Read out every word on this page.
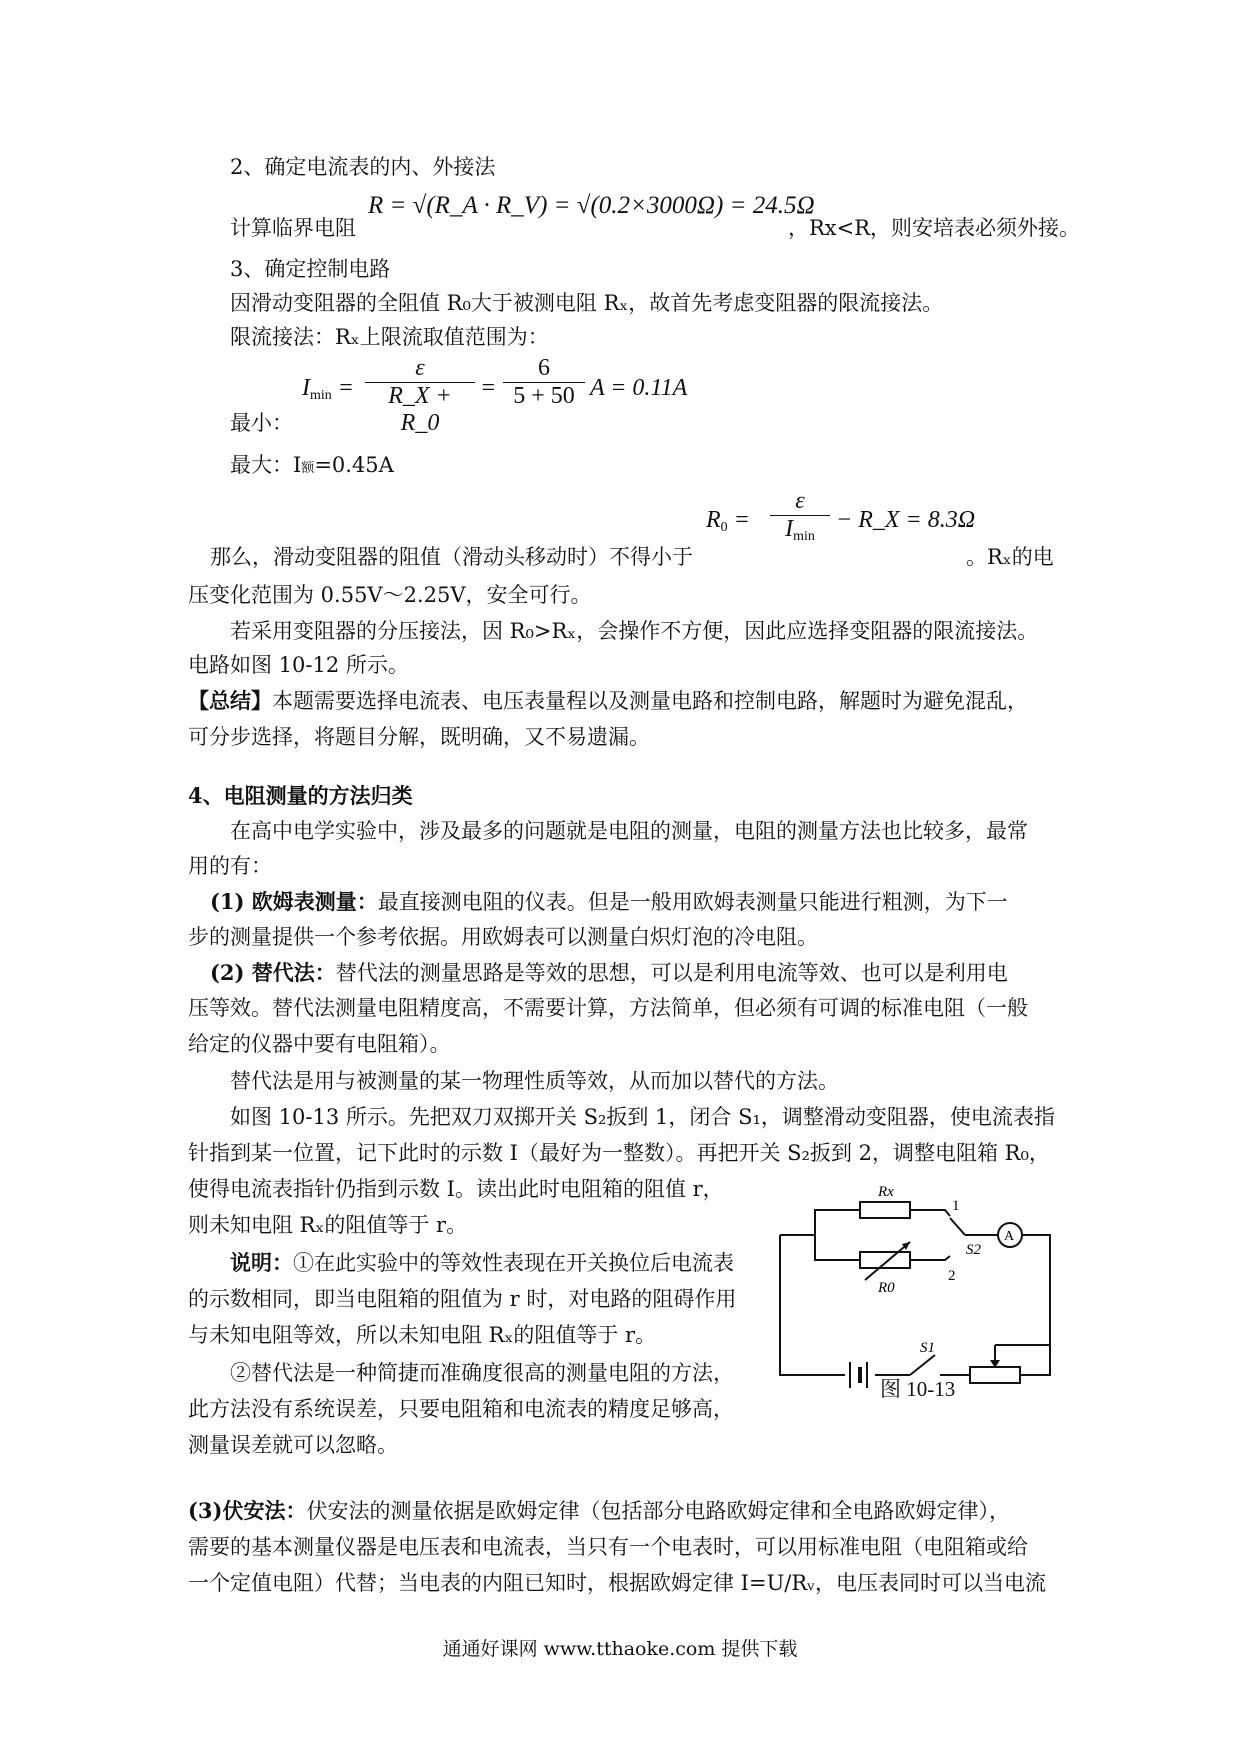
2、确定电流表的内、外接法
计算临界电阻
R = √(R_A · R_V) = √(0.2×3000Ω) = 24.5Ω
，Rx<R，则安培表必须外接。
3、确定控制电路
因滑动变阻器的全阻值 R₀大于被测电阻 Rₓ，故首先考虑变阻器的限流接法。
限流接法：Rₓ上限流取值范围为：
$I_{min} = \frac{\varepsilon}{R\_X + R\_0} = \frac{6}{5 + 50}$ A = 0.11A
最小：
最大：I额=0.45A
$R_0$ =
ε
$I_{min}$
− R_X = 8.3Ω
那么，滑动变阻器的阻值（滑动头移动时）不得小于	。Rₓ的电
压变化范围为 0.55V～2.25V，安全可行。
若采用变阻器的分压接法，因 R₀>Rₓ，会操作不方便，因此应选择变阻器的限流接法。
电路如图 10-12 所示。
【总结】本题需要选择电流表、电压表量程以及测量电路和控制电路，解题时为避免混乱，
可分步选择，将题目分解，既明确，又不易遗漏。
4、电阻测量的方法归类
在高中电学实验中，涉及最多的问题就是电阻的测量，电阻的测量方法也比较多，最常
用的有：
(1) 欧姆表测量：最直接测电阻的仪表。但是一般用欧姆表测量只能进行粗测，为下一
步的测量提供一个参考依据。用欧姆表可以测量白炽灯泡的冷电阻。
(2) 替代法：替代法的测量思路是等效的思想，可以是利用电流等效、也可以是利用电
压等效。替代法测量电阻精度高，不需要计算，方法简单，但必须有可调的标准电阻（一般
给定的仪器中要有电阻箱）。
替代法是用与被测量的某一物理性质等效，从而加以替代的方法。
如图 10-13 所示。先把双刀双掷开关 S₂扳到 1，闭合 S₁，调整滑动变阻器，使电流表指
针指到某一位置，记下此时的示数 I（最好为一整数）。再把开关 S₂扳到 2，调整电阻箱 R₀，
使得电流表指针仍指到示数 I。读出此时电阻箱的阻值 r，
则未知电阻 Rₓ的阻值等于 r。
说明：①在此实验中的等效性表现在开关换位后电流表
的示数相同，即当电阻箱的阻值为 r 时，对电路的阻碍作用
与未知电阻等效，所以未知电阻 Rₓ的阻值等于 r。
②替代法是一种简捷而准确度很高的测量电阻的方法，
此方法没有系统误差，只要电阻箱和电流表的精度足够高，
测量误差就可以忽略。
(3)伏安法：伏安法的测量依据是欧姆定律（包括部分电路欧姆定律和全电路欧姆定律），
需要的基本测量仪器是电压表和电流表，当只有一个电表时，可以用标准电阻（电阻箱或给
一个定值电阻）代替；当电表的内阻已知时，根据欧姆定律 I=U/Rᵥ，电压表同时可以当电流
Rx
R0
S2
S1
1
2
A
图 10-13
通通好课网 www.tthaoke.com 提供下载
